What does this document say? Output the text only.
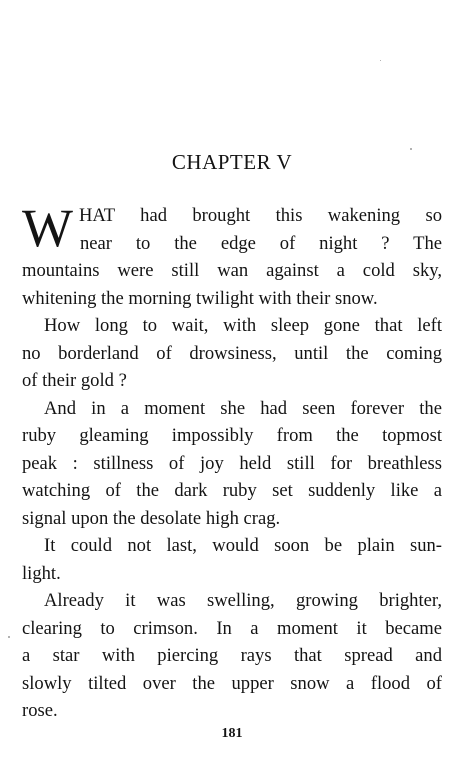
CHAPTER V

W HAT had brought this wakening so
near to the edge of night ? The
mountains were still wan against a cold sky,
whitening the morning twilight with their snow.

How long to wait, with sleep gone that left
no borderland of drowsiness, until the coming
of their gold ?

And in a moment she had seen forever the
ruby gleaming impossibly from the topmost
peak : stillness of joy held still for breathless
watching of the dark ruby set suddenly like a
signal upon the desolate high crag.

It could not last, would soon be plain sun-
light.

Already it was swelling, growing brighter,
clearing to crimson. In a moment it became
a star with piercing rays that spread and
slowly tilted over the upper snow a flood of
rose.

181
